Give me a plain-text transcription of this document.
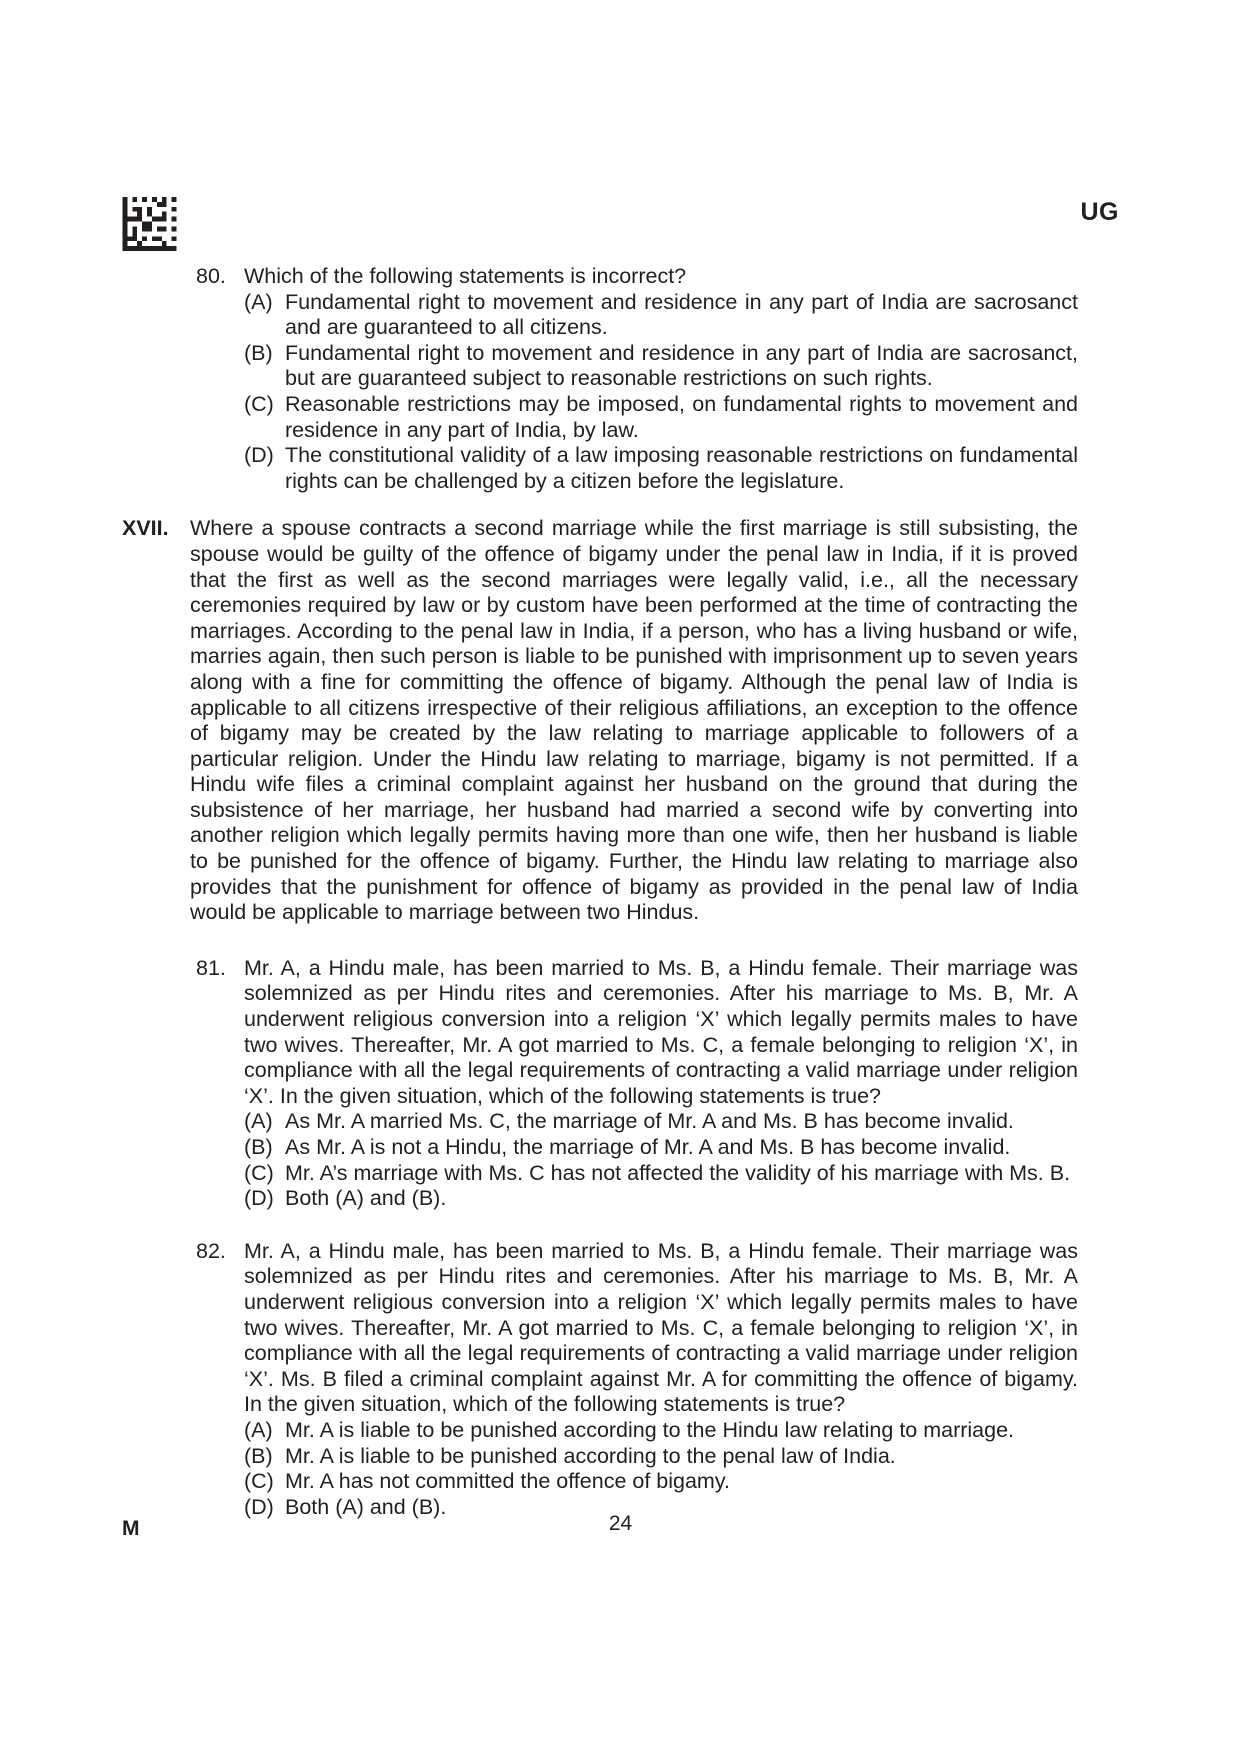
UG
80. Which of the following statements is incorrect?
(A) Fundamental right to movement and residence in any part of India are sacrosanct and are guaranteed to all citizens.
(B) Fundamental right to movement and residence in any part of India are sacrosanct, but are guaranteed subject to reasonable restrictions on such rights.
(C) Reasonable restrictions may be imposed, on fundamental rights to movement and residence in any part of India, by law.
(D) The constitutional validity of a law imposing reasonable restrictions on fundamental rights can be challenged by a citizen before the legislature.
XVII. Where a spouse contracts a second marriage while the first marriage is still subsisting, the spouse would be guilty of the offence of bigamy under the penal law in India, if it is proved that the first as well as the second marriages were legally valid, i.e., all the necessary ceremonies required by law or by custom have been performed at the time of contracting the marriages. According to the penal law in India, if a person, who has a living husband or wife, marries again, then such person is liable to be punished with imprisonment up to seven years along with a fine for committing the offence of bigamy. Although the penal law of India is applicable to all citizens irrespective of their religious affiliations, an exception to the offence of bigamy may be created by the law relating to marriage applicable to followers of a particular religion. Under the Hindu law relating to marriage, bigamy is not permitted. If a Hindu wife files a criminal complaint against her husband on the ground that during the subsistence of her marriage, her husband had married a second wife by converting into another religion which legally permits having more than one wife, then her husband is liable to be punished for the offence of bigamy. Further, the Hindu law relating to marriage also provides that the punishment for offence of bigamy as provided in the penal law of India would be applicable to marriage between two Hindus.
81. Mr. A, a Hindu male, has been married to Ms. B, a Hindu female. Their marriage was solemnized as per Hindu rites and ceremonies. After his marriage to Ms. B, Mr. A underwent religious conversion into a religion ‘X’ which legally permits males to have two wives. Thereafter, Mr. A got married to Ms. C, a female belonging to religion ‘X’, in compliance with all the legal requirements of contracting a valid marriage under religion ‘X’. In the given situation, which of the following statements is true?
(A) As Mr. A married Ms. C, the marriage of Mr. A and Ms. B has become invalid.
(B) As Mr. A is not a Hindu, the marriage of Mr. A and Ms. B has become invalid.
(C) Mr. A’s marriage with Ms. C has not affected the validity of his marriage with Ms. B.
(D) Both (A) and (B).
82. Mr. A, a Hindu male, has been married to Ms. B, a Hindu female. Their marriage was solemnized as per Hindu rites and ceremonies. After his marriage to Ms. B, Mr. A underwent religious conversion into a religion ‘X’ which legally permits males to have two wives. Thereafter, Mr. A got married to Ms. C, a female belonging to religion ‘X’, in compliance with all the legal requirements of contracting a valid marriage under religion ‘X’. Ms. B filed a criminal complaint against Mr. A for committing the offence of bigamy. In the given situation, which of the following statements is true?
(A) Mr. A is liable to be punished according to the Hindu law relating to marriage.
(B) Mr. A is liable to be punished according to the penal law of India.
(C) Mr. A has not committed the offence of bigamy.
(D) Both (A) and (B).
M	24
